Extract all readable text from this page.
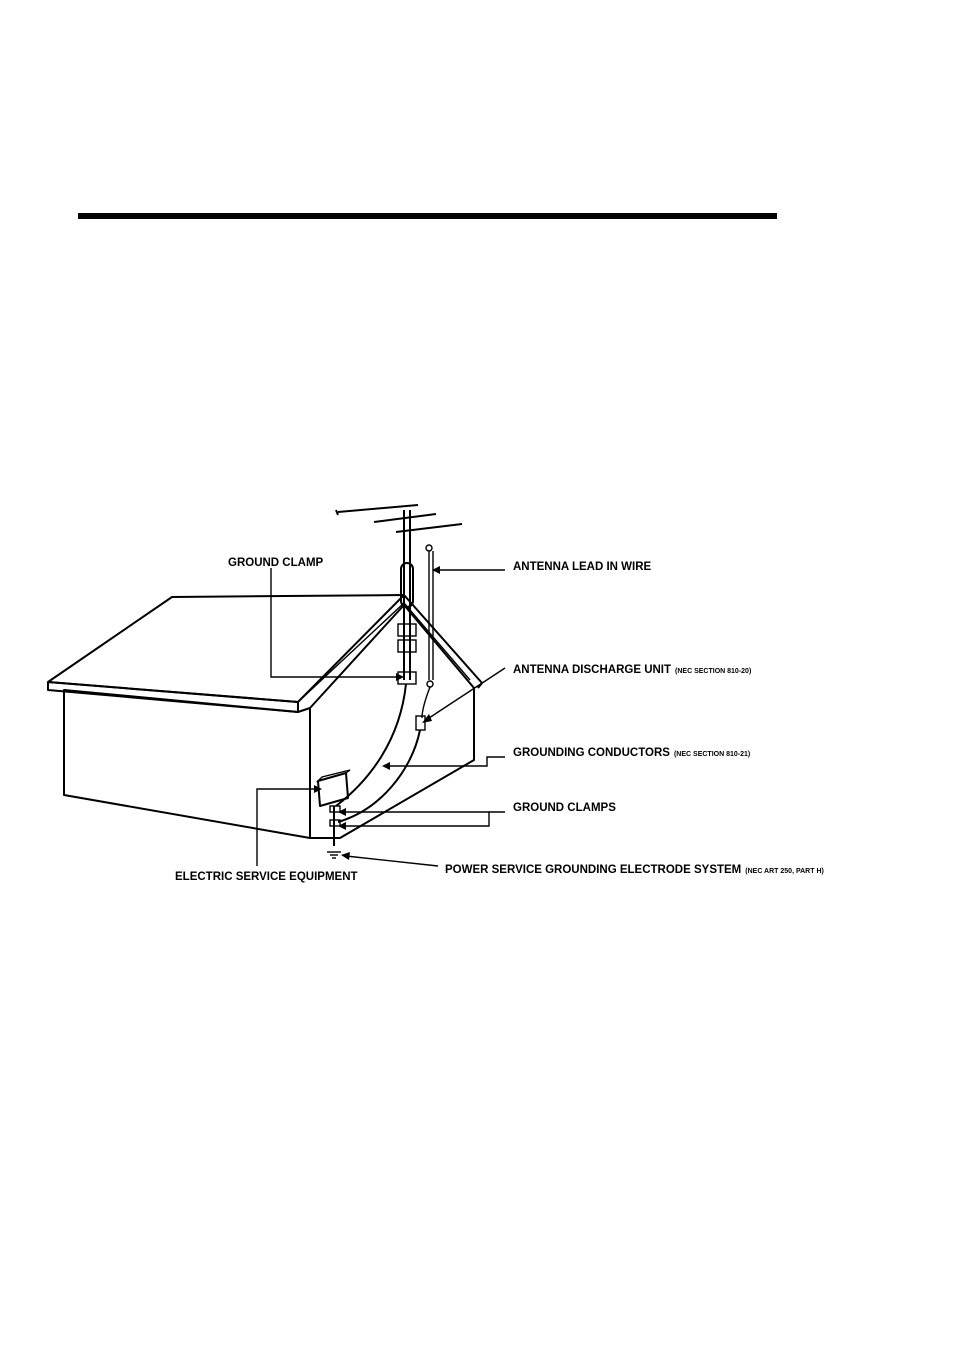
GROUND CLAMP	ANTENNA LEAD IN WIRE
ANTENNA DISCHARGE UNIT (NEC SECTION 810-20)
GROUNDING CONDUCTORS (NEC SECTION 810-21)
GROUND CLAMPS
ELECTRIC SERVICE EQUIPMENT
POWER SERVICE GROUNDING ELECTRODE SYSTEM (NEC ART 250, PART H)
